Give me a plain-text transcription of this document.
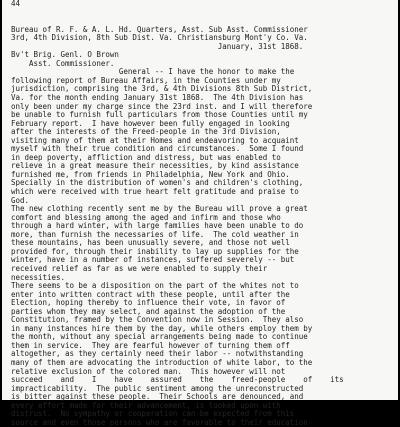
44
Bureau of R. F. & A. L. Hd. Quarters, Asst. Sub Asst. Commissioner
3rd, 4th Division, 8th Sub Dist. Va. Christiansburg Mont'y Co. Va.
January, 31st 1868.
Bv't Brig. Genl. O Brown
Asst. Commissioner.
General -- I have the honor to make the
following report of Bureau Affairs, in the Counties under my
jurisdiction, comprising the 3rd, & 4th Divisions 8th Sub District,
Va. for the month ending January 31st 1868.  The 4th Division has
only been under my charge since the 23rd inst. and I will therefore
be unable to furnish full particulars from those Counties until my
February report.  I have however been fully engaged in looking
after the interests of the Freed-people in the 3rd Division,
visiting many of them at their Homes and endeavoring to acquaint
myself with their true condition and circumstances.  Some I found
in deep poverty, affliction and distress, but was enabled to
relieve in a great measure their necessities, by kind assistance
furnished me, from friends in Philadelphia, New York and Ohio.
Specially in the distribution of women's and children's clothing,
which were received with true heart felt gratitude and praise to
God.
The new clothing recently sent me by the Bureau will prove a great
comfort and blessing among the aged and infirm and those who
through a hard winter, with large families have been unable to do
more, than furnish the necessaries of life.  The cold weather in
these mountains, has been unusually severe, and those not well
provided for, through their inability to lay up supplies for the
winter, have in a number of instances, suffered severely -- but
received relief as far as we were enabled to supply their
necessities.
There seems to be a disposition on the part of the whites not to
enter into written contract with these people, until after the
Election, hoping thereby to influence their vote, in favor of
parties whom they may select, and against the adoption of the
Constitution, framed by the Convention now in Session.  They also
in many instances hire them by the day, while others employ them by
the month, without any special arrangements being made to continue
them in service.  They are fearful however of turning them off
altogether, as they certainly need their labor -- notwithstanding
many of them are advocating the introduction of white labor, to the
relative exclusion of the colored man.  This however will not
succeed    and    I    have    assured    the    freed-people    of    its
impracticability.  The public sentiment among the unreconstructed
is bitter against these people.  Their Schools are denounced, and
every effort made for their advancement, is looked upon with
distrust.  No sympathy or cooperation can be expected from this
source and even those persons who are favorable to their education
